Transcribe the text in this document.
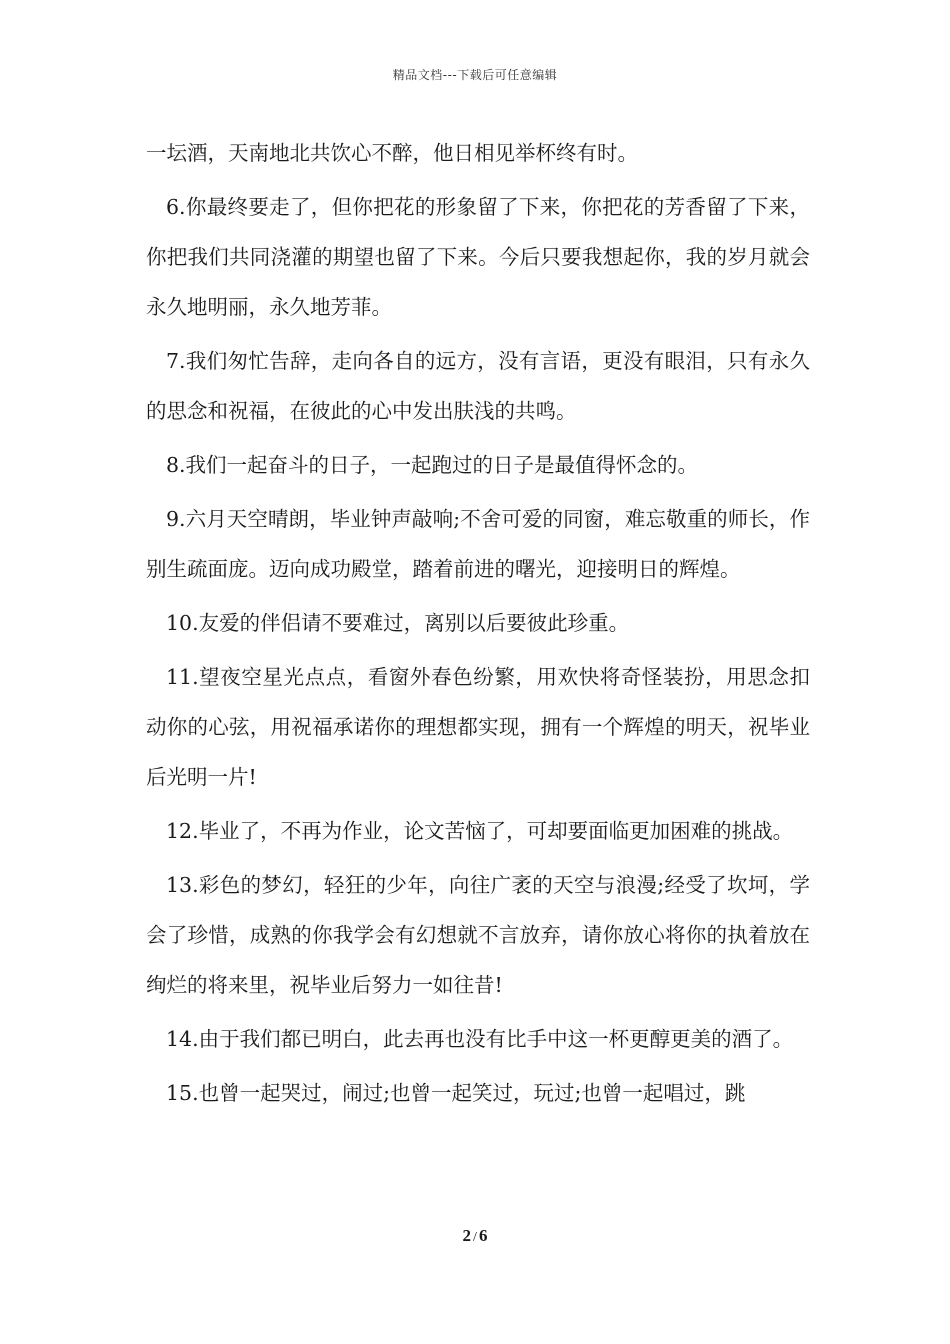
精品文档---下载后可任意编辑

一坛酒，天南地北共饮心不醉，他日相见举杯终有时。

6.你最终要走了，但你把花的形象留了下来，你把花的芳香留了下来，你把我们共同浇灌的期望也留了下来。今后只要我想起你，我的岁月就会永久地明丽，永久地芳菲。

7.我们匆忙告辞，走向各自的远方，没有言语，更没有眼泪，只有永久的思念和祝福，在彼此的心中发出肤浅的共鸣。

8.我们一起奋斗的日子，一起跑过的日子是最值得怀念的。

9.六月天空晴朗，毕业钟声敲响;不舍可爱的同窗，难忘敬重的师长，作别生疏面庞。迈向成功殿堂，踏着前进的曙光，迎接明日的辉煌。

10.友爱的伴侣请不要难过，离别以后要彼此珍重。

11.望夜空星光点点，看窗外春色纷繁，用欢快将奇怪装扮，用思念扣动你的心弦，用祝福承诺你的理想都实现，拥有一个辉煌的明天，祝毕业后光明一片!

12.毕业了，不再为作业，论文苦恼了，可却要面临更加困难的挑战。

13.彩色的梦幻，轻狂的少年，向往广袤的天空与浪漫;经受了坎坷，学会了珍惜，成熟的你我学会有幻想就不言放弃，请你放心将你的执着放在绚烂的将来里，祝毕业后努力一如往昔!

14.由于我们都已明白，此去再也没有比手中这一杯更醇更美的酒了。

15.也曾一起哭过，闹过;也曾一起笑过，玩过;也曾一起唱过，跳

2 / 6
